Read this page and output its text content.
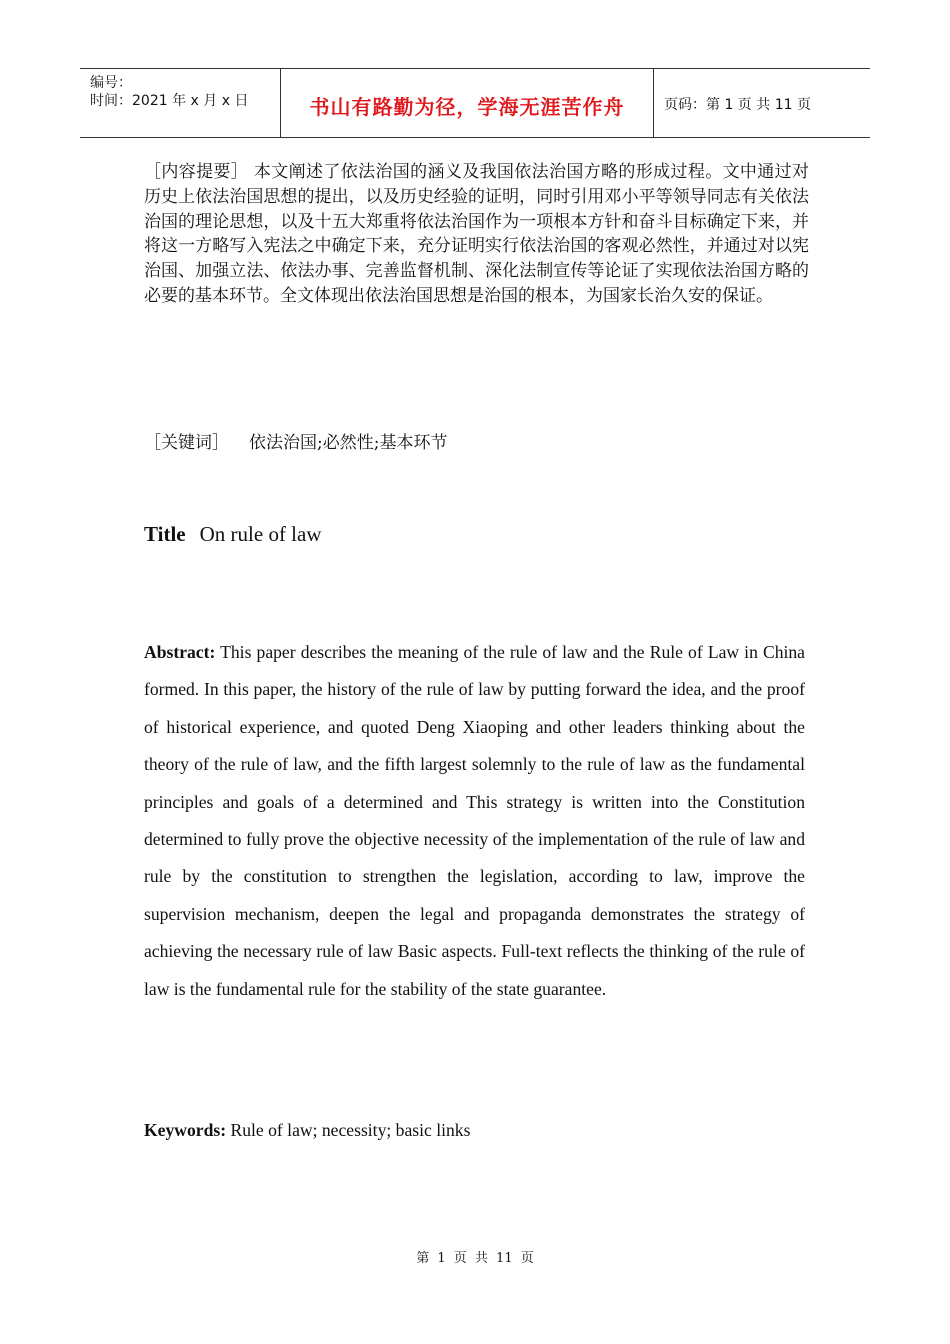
编号：
时间：2021 年 x 月 x 日	书山有路勤为径，学海无涯苦作舟	页码：第 1 页 共 11 页
［内容提要］ 本文阐述了依法治国的涵义及我国依法治国方略的形成过程。文中通过对历史上依法治国思想的提出，以及历史经验的证明，同时引用邓小平等领导同志有关依法治国的理论思想，以及十五大郑重将依法治国作为一项根本方针和奋斗目标确定下来，并将这一方略写入宪法之中确定下来，充分证明实行依法治国的客观必然性，并通过对以宪治国、加强立法、依法办事、完善监督机制、深化法制宣传等论证了实现依法治国方略的必要的基本环节。全文体现出依法治国思想是治国的根本，为国家长治久安的保证。
［关键词］ 依法治国;必然性;基本环节
Title On rule of law
Abstract: This paper describes the meaning of the rule of law and the Rule of Law in China formed. In this paper, the history of the rule of law by putting forward the idea, and the proof of historical experience, and quoted Deng Xiaoping and other leaders thinking about the theory of the rule of law, and the fifth largest solemnly to the rule of law as the fundamental principles and goals of a determined and This strategy is written into the Constitution determined to fully prove the objective necessity of the implementation of the rule of law and rule by the constitution to strengthen the legislation, according to law, improve the supervision mechanism, deepen the legal and propaganda demonstrates the strategy of achieving the necessary rule of law Basic aspects. Full-text reflects the thinking of the rule of law is the fundamental rule for the stability of the state guarantee.
Keywords: Rule of law; necessity; basic links
第 1 页 共 11 页
